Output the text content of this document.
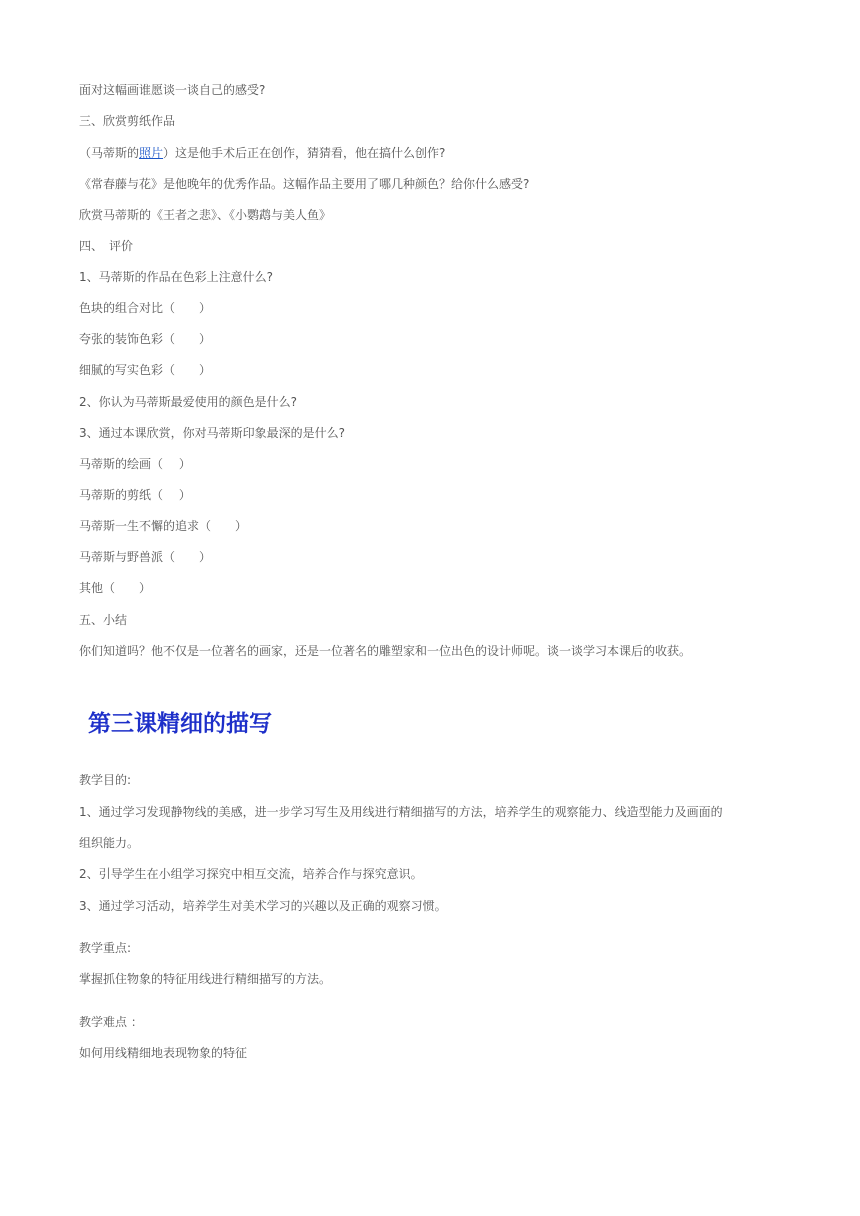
面对这幅画谁愿谈一谈自己的感受?
三、欣赏剪纸作品
（马蒂斯的照片）这是他手术后正在创作，猜猜看，他在搞什么创作?
《常春藤与花》是他晚年的优秀作品。这幅作品主要用了哪几种颜色？给你什么感受?
欣赏马蒂斯的《王者之悲》、《小鹦鹉与美人鱼》
四、　评价
1、马蒂斯的作品在色彩上注意什么?
色块的组合对比（　　）
夸张的装饰色彩（　　）
细腻的写实色彩（　　）
2、你认为马蒂斯最爱使用的颜色是什么?
3、通过本课欣赏，你对马蒂斯印象最深的是什么?
马蒂斯的绘画（　 ）
马蒂斯的剪纸（　 ）
马蒂斯一生不懈的追求（　　）
马蒂斯与野兽派（　　）
其他（　　）
五、小结
你们知道吗？他不仅是一位著名的画家，还是一位著名的雕塑家和一位出色的设计师呢。谈一谈学习本课后的收获。
第三课精细的描写
教学目的:
1、通过学习发现静物线的美感，进一步学习写生及用线进行精细描写的方法，培养学生的观察能力、线造型能力及画面的
组织能力。
2、引导学生在小组学习探究中相互交流，培养合作与探究意识。
3、通过学习活动，培养学生对美术学习的兴趣以及正确的观察习惯。
教学重点:
掌握抓住物象的特征用线进行精细描写的方法。
教学难点 ：
如何用线精细地表现物象的特征
